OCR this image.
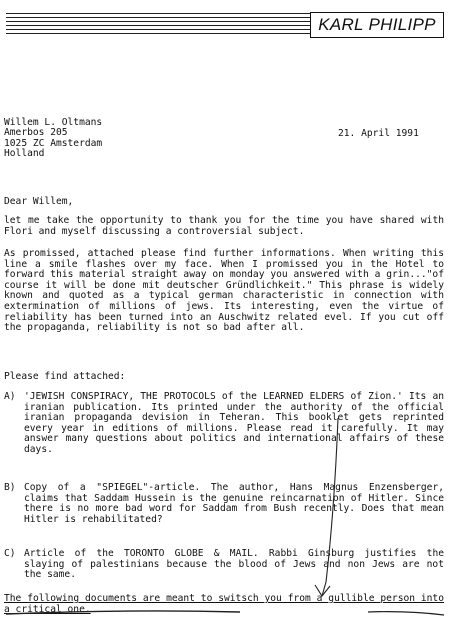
KARL PHILIPP
Willem L. Oltmans
Amerbos 205
1025 ZC Amsterdam
Holland
21. April 1991
Dear Willem,

let me take the opportunity to thank you for the time you have shared with Flori and myself discussing a controversial subject.

As promissed, attached please find further informations. When writing this line a smile flashes over my face. When I promissed you in the Hotel to forward this material straight away on monday you answered with a grin..."of course it will be done mit deutscher Gründlichkeit." This phrase is widely known and quoted as a typical german characteristic in connection with extermination of millions of jews. Its interesting, even the virtue of reliability has been turned into an Auschwitz related evel. If you cut off the propaganda, reliability is not so bad after all.

Please find attached:
A) 'JEWISH CONSPIRACY, THE PROTOCOLS of the LEARNED ELDERS of Zion.' Its an iranian publication. Its printed under the authority of the official iranian propaganda devision in Teheran. This booklet gets reprinted every year in editions of millions. Please read it carefully. It may answer many questions about politics and international affairs of these days.
B) Copy of a "SPIEGEL"-article. The author, Hans Magnus Enzensberger, claims that Saddam Hussein is the genuine reincarnation of Hitler. Since there is no more bad word for Saddam from Bush recently. Does that mean Hitler is rehabilitated?
C) Article of the TORONTO GLOBE & MAIL. Rabbi Ginsburg justifies the slaying of palestinians because the blood of Jews and non Jews are not the same.
The following documents are meant to switsch you from a gullible person into a critical one.
